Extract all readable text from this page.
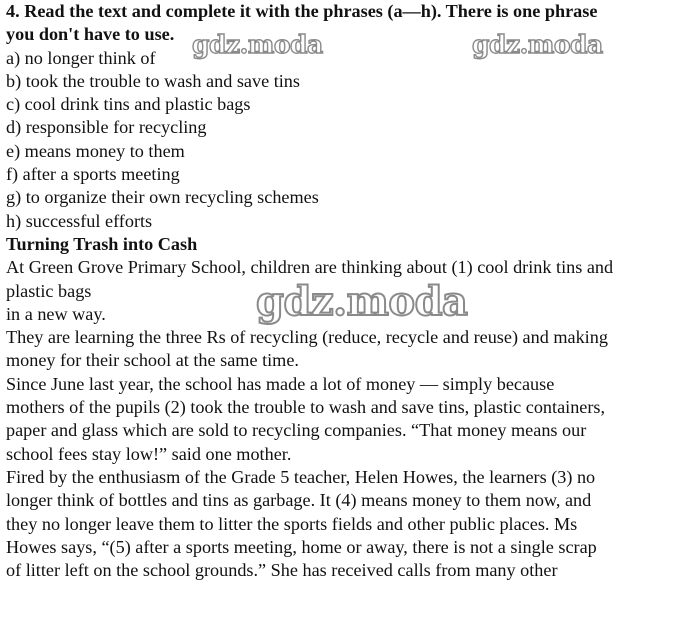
4. Read the text and complete it with the phrases (a—h). There is one phrase
you don't have to use.
a) no longer think of
b) took the trouble to wash and save tins
c) cool drink tins and plastic bags
d) responsible for recycling
e) means money to them
f) after a sports meeting
g) to organize their own recycling schemes
h) successful efforts
Turning Trash into Cash
At Green Grove Primary School, children are thinking about (1) cool drink tins and
plastic bags
in a new way.
They are learning the three Rs of recycling (reduce, recycle and reuse) and making
money for their school at the same time.
Since June last year, the school has made a lot of money — simply because
mothers of the pupils (2) took the trouble to wash and save tins, plastic containers,
paper and glass which are sold to recycling companies. “That money means our
school fees stay low!” said one mother.
Fired by the enthusiasm of the Grade 5 teacher, Helen Howes, the learners (3) no
longer think of bottles and tins as garbage. It (4) means money to them now, and
they no longer leave them to litter the sports fields and other public places. Ms
Howes says, “(5) after a sports meeting, home or away, there is not a single scrap
of litter left on the school grounds.” She has received calls from many other
gdz.moda	gdz.moda
gdz.moda
